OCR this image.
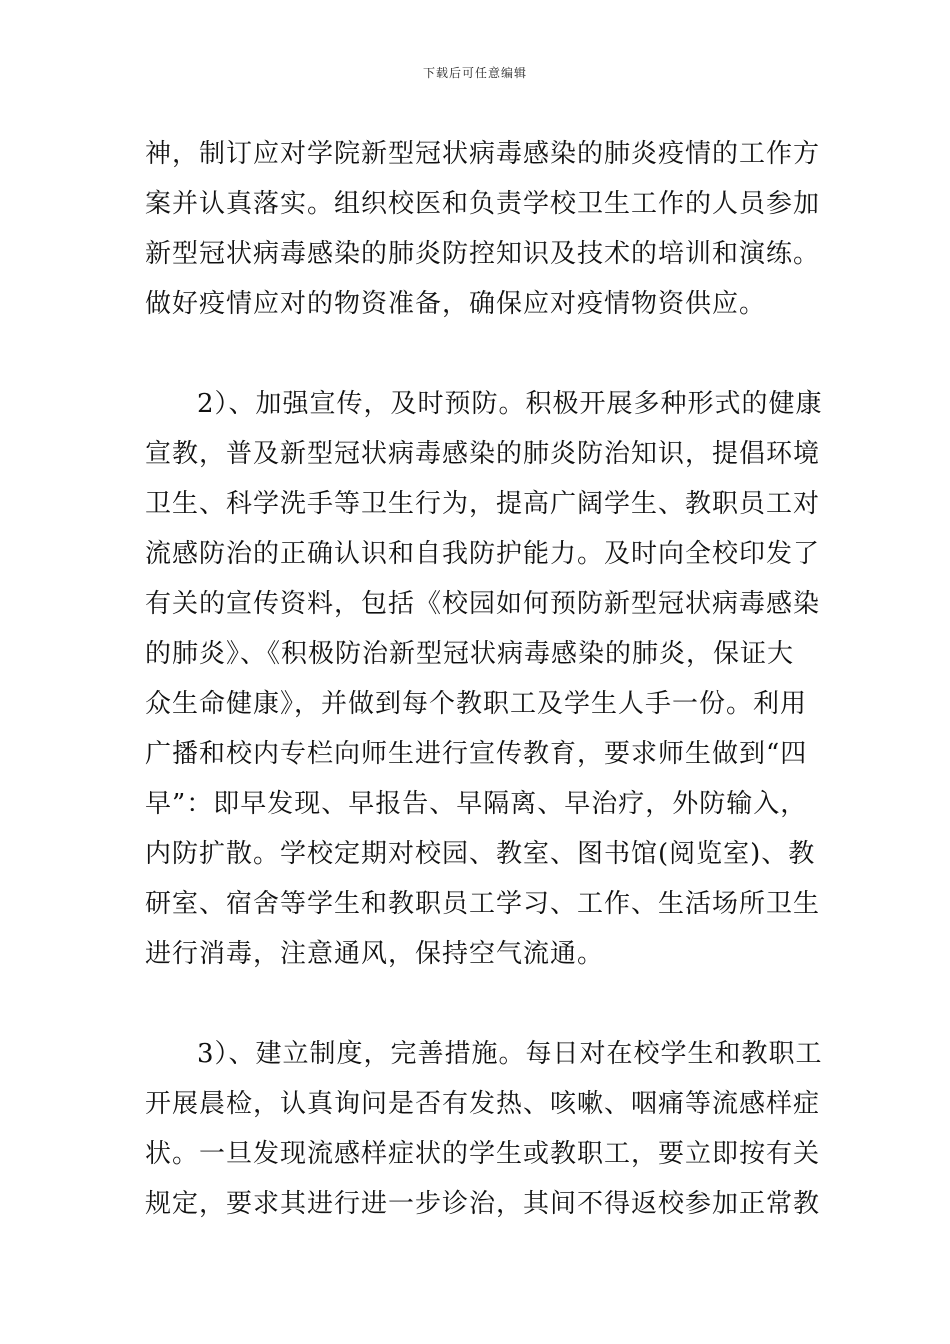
下载后可任意编辑
神，制订应对学院新型冠状病毒感染的肺炎疫情的工作方
案并认真落实。组织校医和负责学校卫生工作的人员参加
新型冠状病毒感染的肺炎防控知识及技术的培训和演练。
做好疫情应对的物资准备，确保应对疫情物资供应。
2）、加强宣传，及时预防。积极开展多种形式的健康
宣教，普及新型冠状病毒感染的肺炎防治知识，提倡环境
卫生、科学洗手等卫生行为，提高广阔学生、教职员工对
流感防治的正确认识和自我防护能力。及时向全校印发了
有关的宣传资料，包括《校园如何预防新型冠状病毒感染
的肺炎》、《积极防治新型冠状病毒感染的肺炎，保证大
众生命健康》，并做到每个教职工及学生人手一份。利用
广播和校内专栏向师生进行宣传教育，要求师生做到“四
早”：即早发现、早报告、早隔离、早治疗，外防输入，
内防扩散。学校定期对校园、教室、图书馆(阅览室)、教
研室、宿舍等学生和教职员工学习、工作、生活场所卫生
进行消毒，注意通风，保持空气流通。
3）、建立制度，完善措施。每日对在校学生和教职工
开展晨检，认真询问是否有发热、咳嗽、咽痛等流感样症
状。一旦发现流感样症状的学生或教职工，要立即按有关
规定，要求其进行进一步诊治，其间不得返校参加正常教
